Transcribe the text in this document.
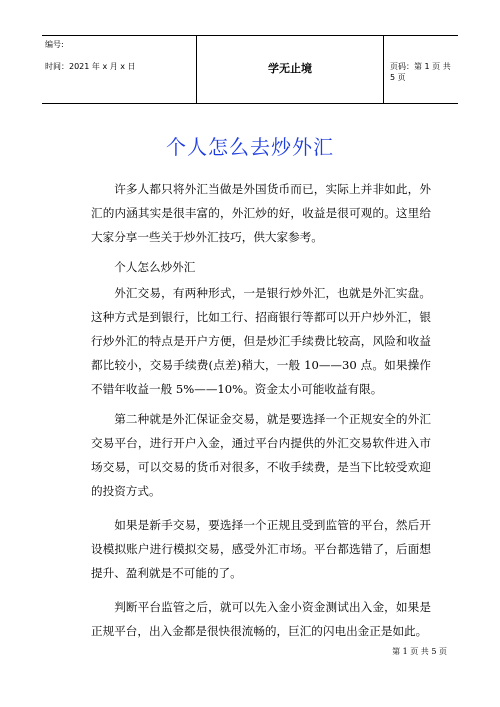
编号:
时间：2021 年 x 月 x 日	学无止境	页码：第 1 页 共 5 页
个人怎么去炒外汇

许多人都只将外汇当做是外国货币而已，实际上并非如此，外汇的内涵其实是很丰富的，外汇炒的好，收益是很可观的。这里给大家分享一些关于炒外汇技巧，供大家参考。

个人怎么炒外汇

外汇交易，有两种形式，一是银行炒外汇，也就是外汇实盘。这种方式是到银行，比如工行、招商银行等都可以开户炒外汇，银行炒外汇的特点是开户方便，但是炒汇手续费比较高，风险和收益都比较小，交易手续费(点差)稍大，一般 10——30 点。如果操作不错年收益一般 5%——10%。资金太小可能收益有限。

第二种就是外汇保证金交易，就是要选择一个正规安全的外汇交易平台，进行开户入金，通过平台内提供的外汇交易软件进入市场交易，可以交易的货币对很多，不收手续费，是当下比较受欢迎的投资方式。

如果是新手交易，要选择一个正规且受到监管的平台，然后开设模拟账户进行模拟交易，感受外汇市场。平台都选错了，后面想提升、盈利就是不可能的了。

判断平台监管之后，就可以先入金小资金测试出入金，如果是正规平台，出入金都是很快很流畅的，巨汇的闪电出金正是如此。

第 1 页 共 5 页
